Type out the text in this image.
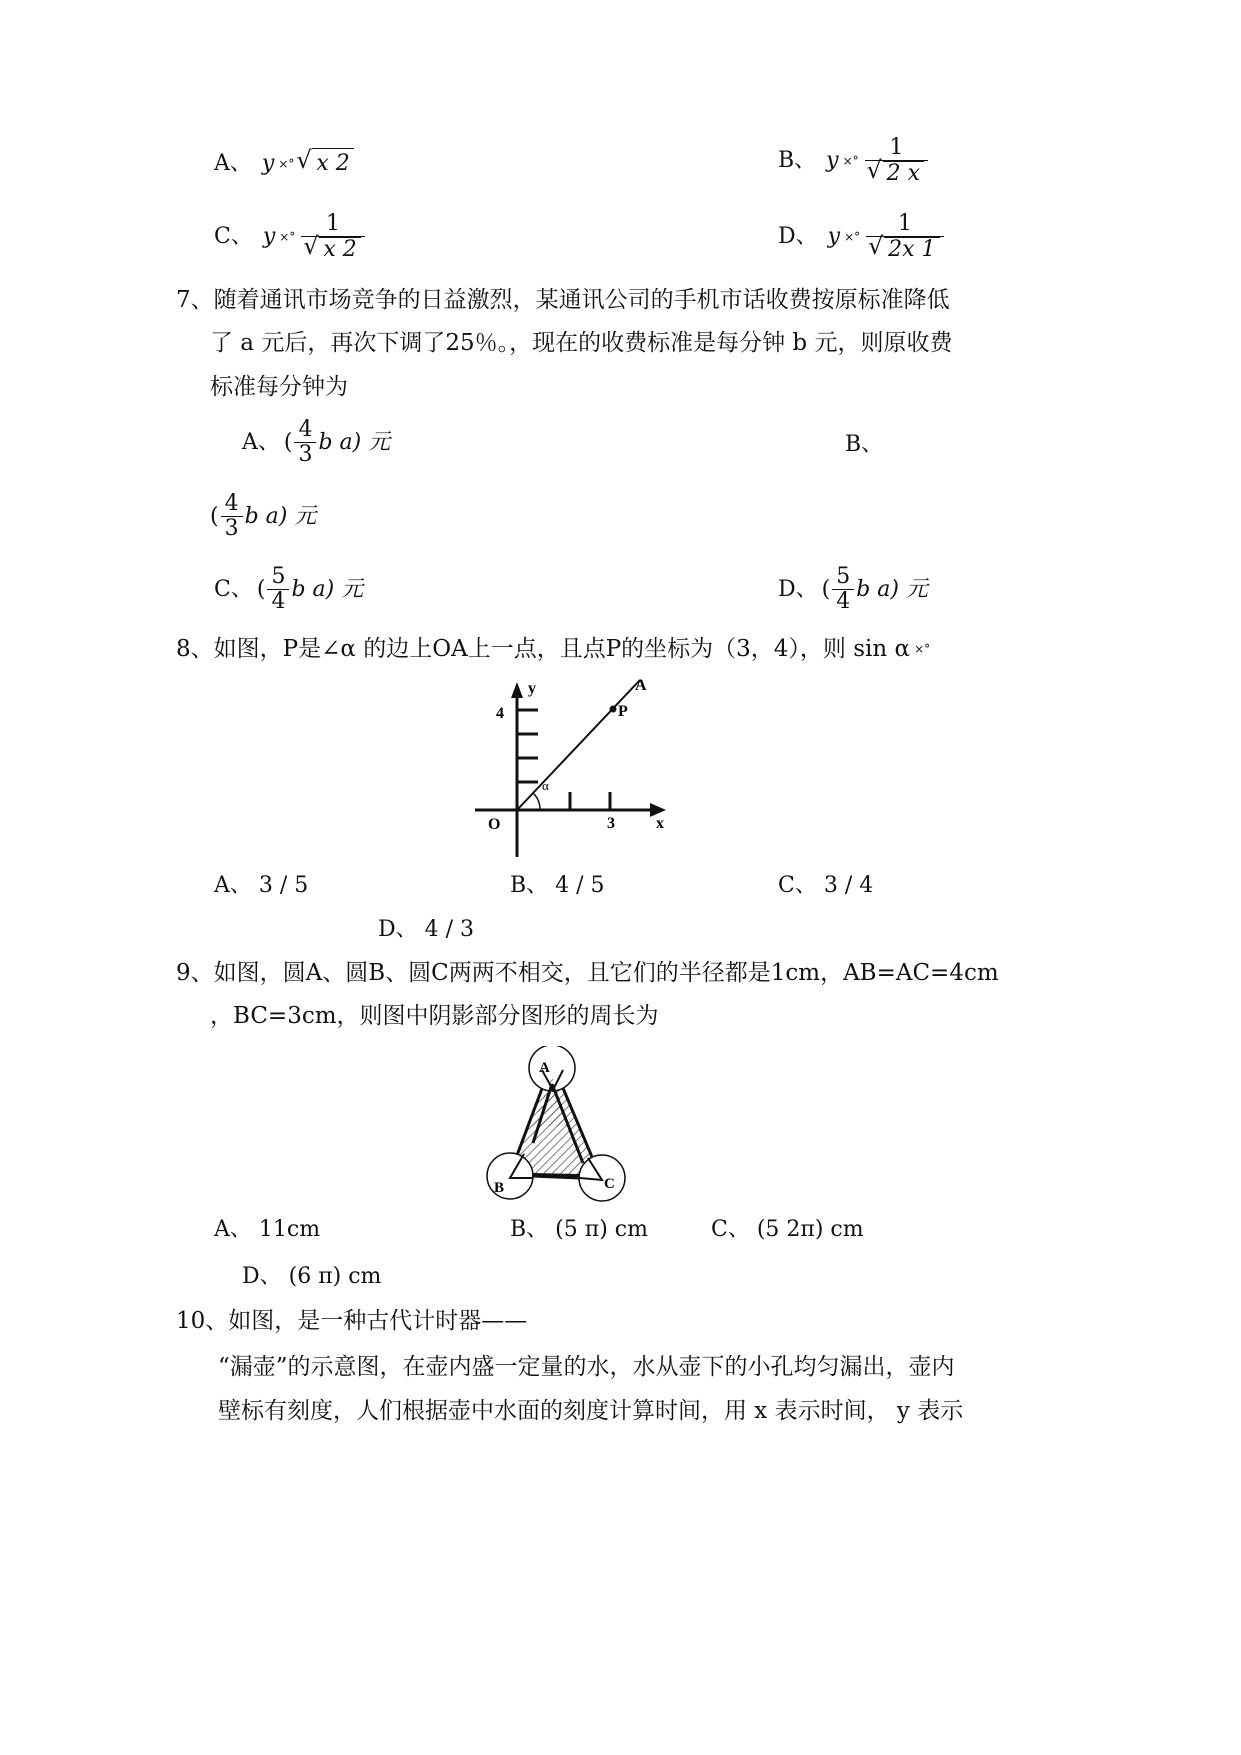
A、 y ×°
√	x 2	B、 y ×° 1
√ 2 x
C、 y ×° 1
√ x 2	D、 y ×° 1
√ 2x 1
7、随着通讯市场竞争的日益激烈，某通讯公司的手机市话收费按原标准降低
了 a 元后，再次下调了25％。，现在的收费标准是每分钟 b 元，则原收费
标准每分钟为
A、 ( $\frac{4}{3}$ b a) 元	B、
( $\frac{4}{3}$ b a) 元
C、 ( $\frac{5}{4}$ b a) 元	D、 ( $\frac{5}{4}$ b a) 元
8、如图，P是∠α 的边上OA上一点，且点P的坐标为（3，4），则 sin α ×°
y
4
A
P
α
O	3	x
A、 3 / 5	B、 4 / 5	C、 3 / 4
D、 4 / 3
9、如图，圆A、圆B、圆C两两不相交，且它们的半径都是1cm，AB=AC=4cm
，BC=3cm，则图中阴影部分图形的周长为
A
B	C
A、 11cm	B、 (5 π) cm	C、 (5 2π) cm
D、 (6 π) cm
10、如图，是一种古代计时器——
“漏壶”的示意图，在壶内盛一定量的水，水从壶下的小孔均匀漏出，壶内
壁标有刻度，人们根据壶中水面的刻度计算时间，用 x 表示时间， y 表示
